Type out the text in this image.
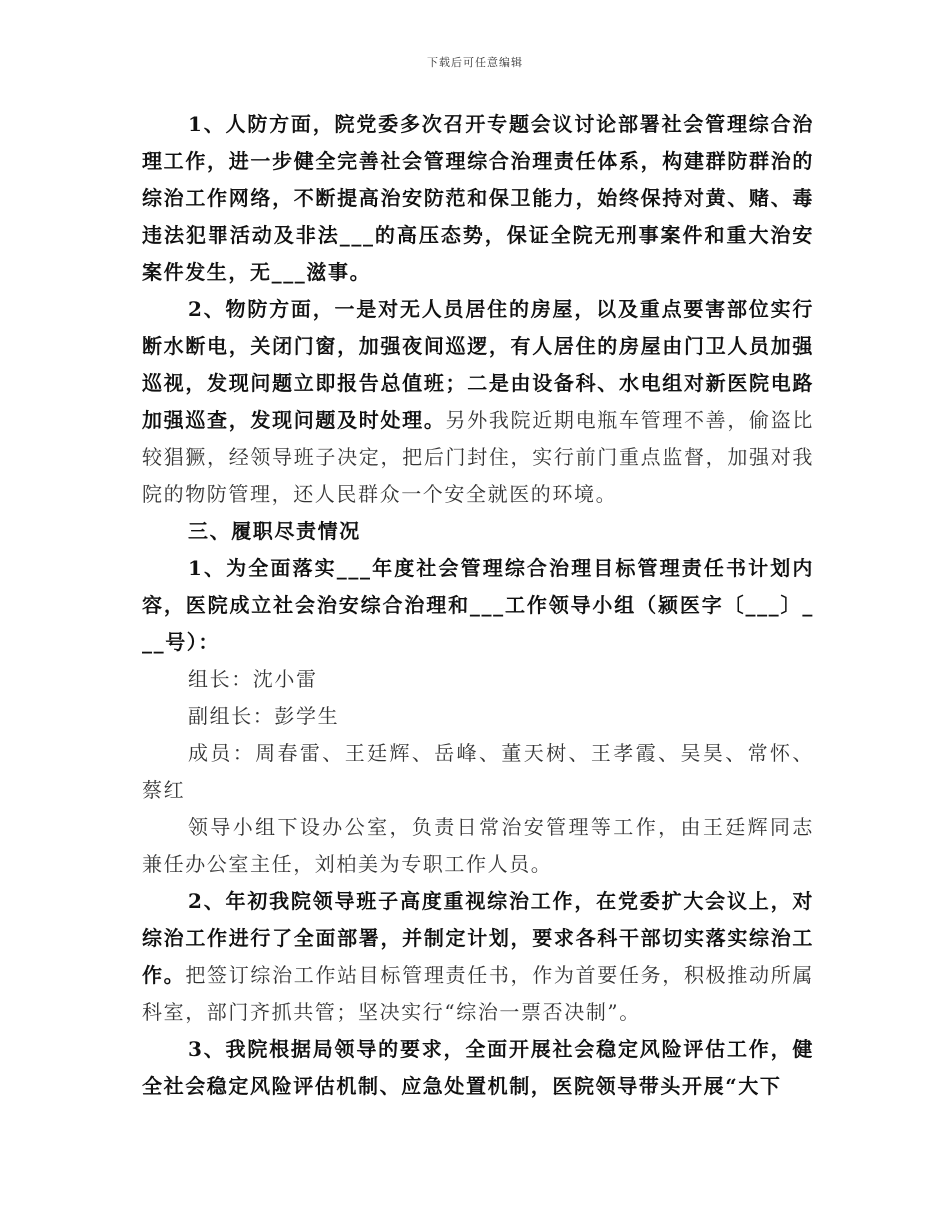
下载后可任意编辑

1、人防方面，院党委多次召开专题会议讨论部署社会管理综合治理工作，进一步健全完善社会管理综合治理责任体系，构建群防群治的综治工作网络，不断提高治安防范和保卫能力，始终保持对黄、赌、毒违法犯罪活动及非法___的高压态势，保证全院无刑事案件和重大治安案件发生，无___滋事。

2、物防方面，一是对无人员居住的房屋，以及重点要害部位实行断水断电，关闭门窗，加强夜间巡逻，有人居住的房屋由门卫人员加强巡视，发现问题立即报告总值班；二是由设备科、水电组对新医院电路加强巡查，发现问题及时处理。另外我院近期电瓶车管理不善，偷盗比较猖獗，经领导班子决定，把后门封住，实行前门重点监督，加强对我院的物防管理，还人民群众一个安全就医的环境。

三、履职尽责情况

1、为全面落实___年度社会管理综合治理目标管理责任书计划内容，医院成立社会治安综合治理和___工作领导小组（颍医字〔___〕___号）：

组长：沈小雷

副组长：彭学生

成员：周春雷、王廷辉、岳峰、董天树、王孝霞、吴昊、常怀、蔡红

领导小组下设办公室，负责日常治安管理等工作，由王廷辉同志兼任办公室主任，刘柏美为专职工作人员。

2、年初我院领导班子高度重视综治工作，在党委扩大会议上，对综治工作进行了全面部署，并制定计划，要求各科干部切实落实综治工作。把签订综治工作站目标管理责任书，作为首要任务，积极推动所属科室，部门齐抓共管；坚决实行“综治一票否决制”。

3、我院根据局领导的要求，全面开展社会稳定风险评估工作，健全社会稳定风险评估机制、应急处置机制，医院领导带头开展“大下
